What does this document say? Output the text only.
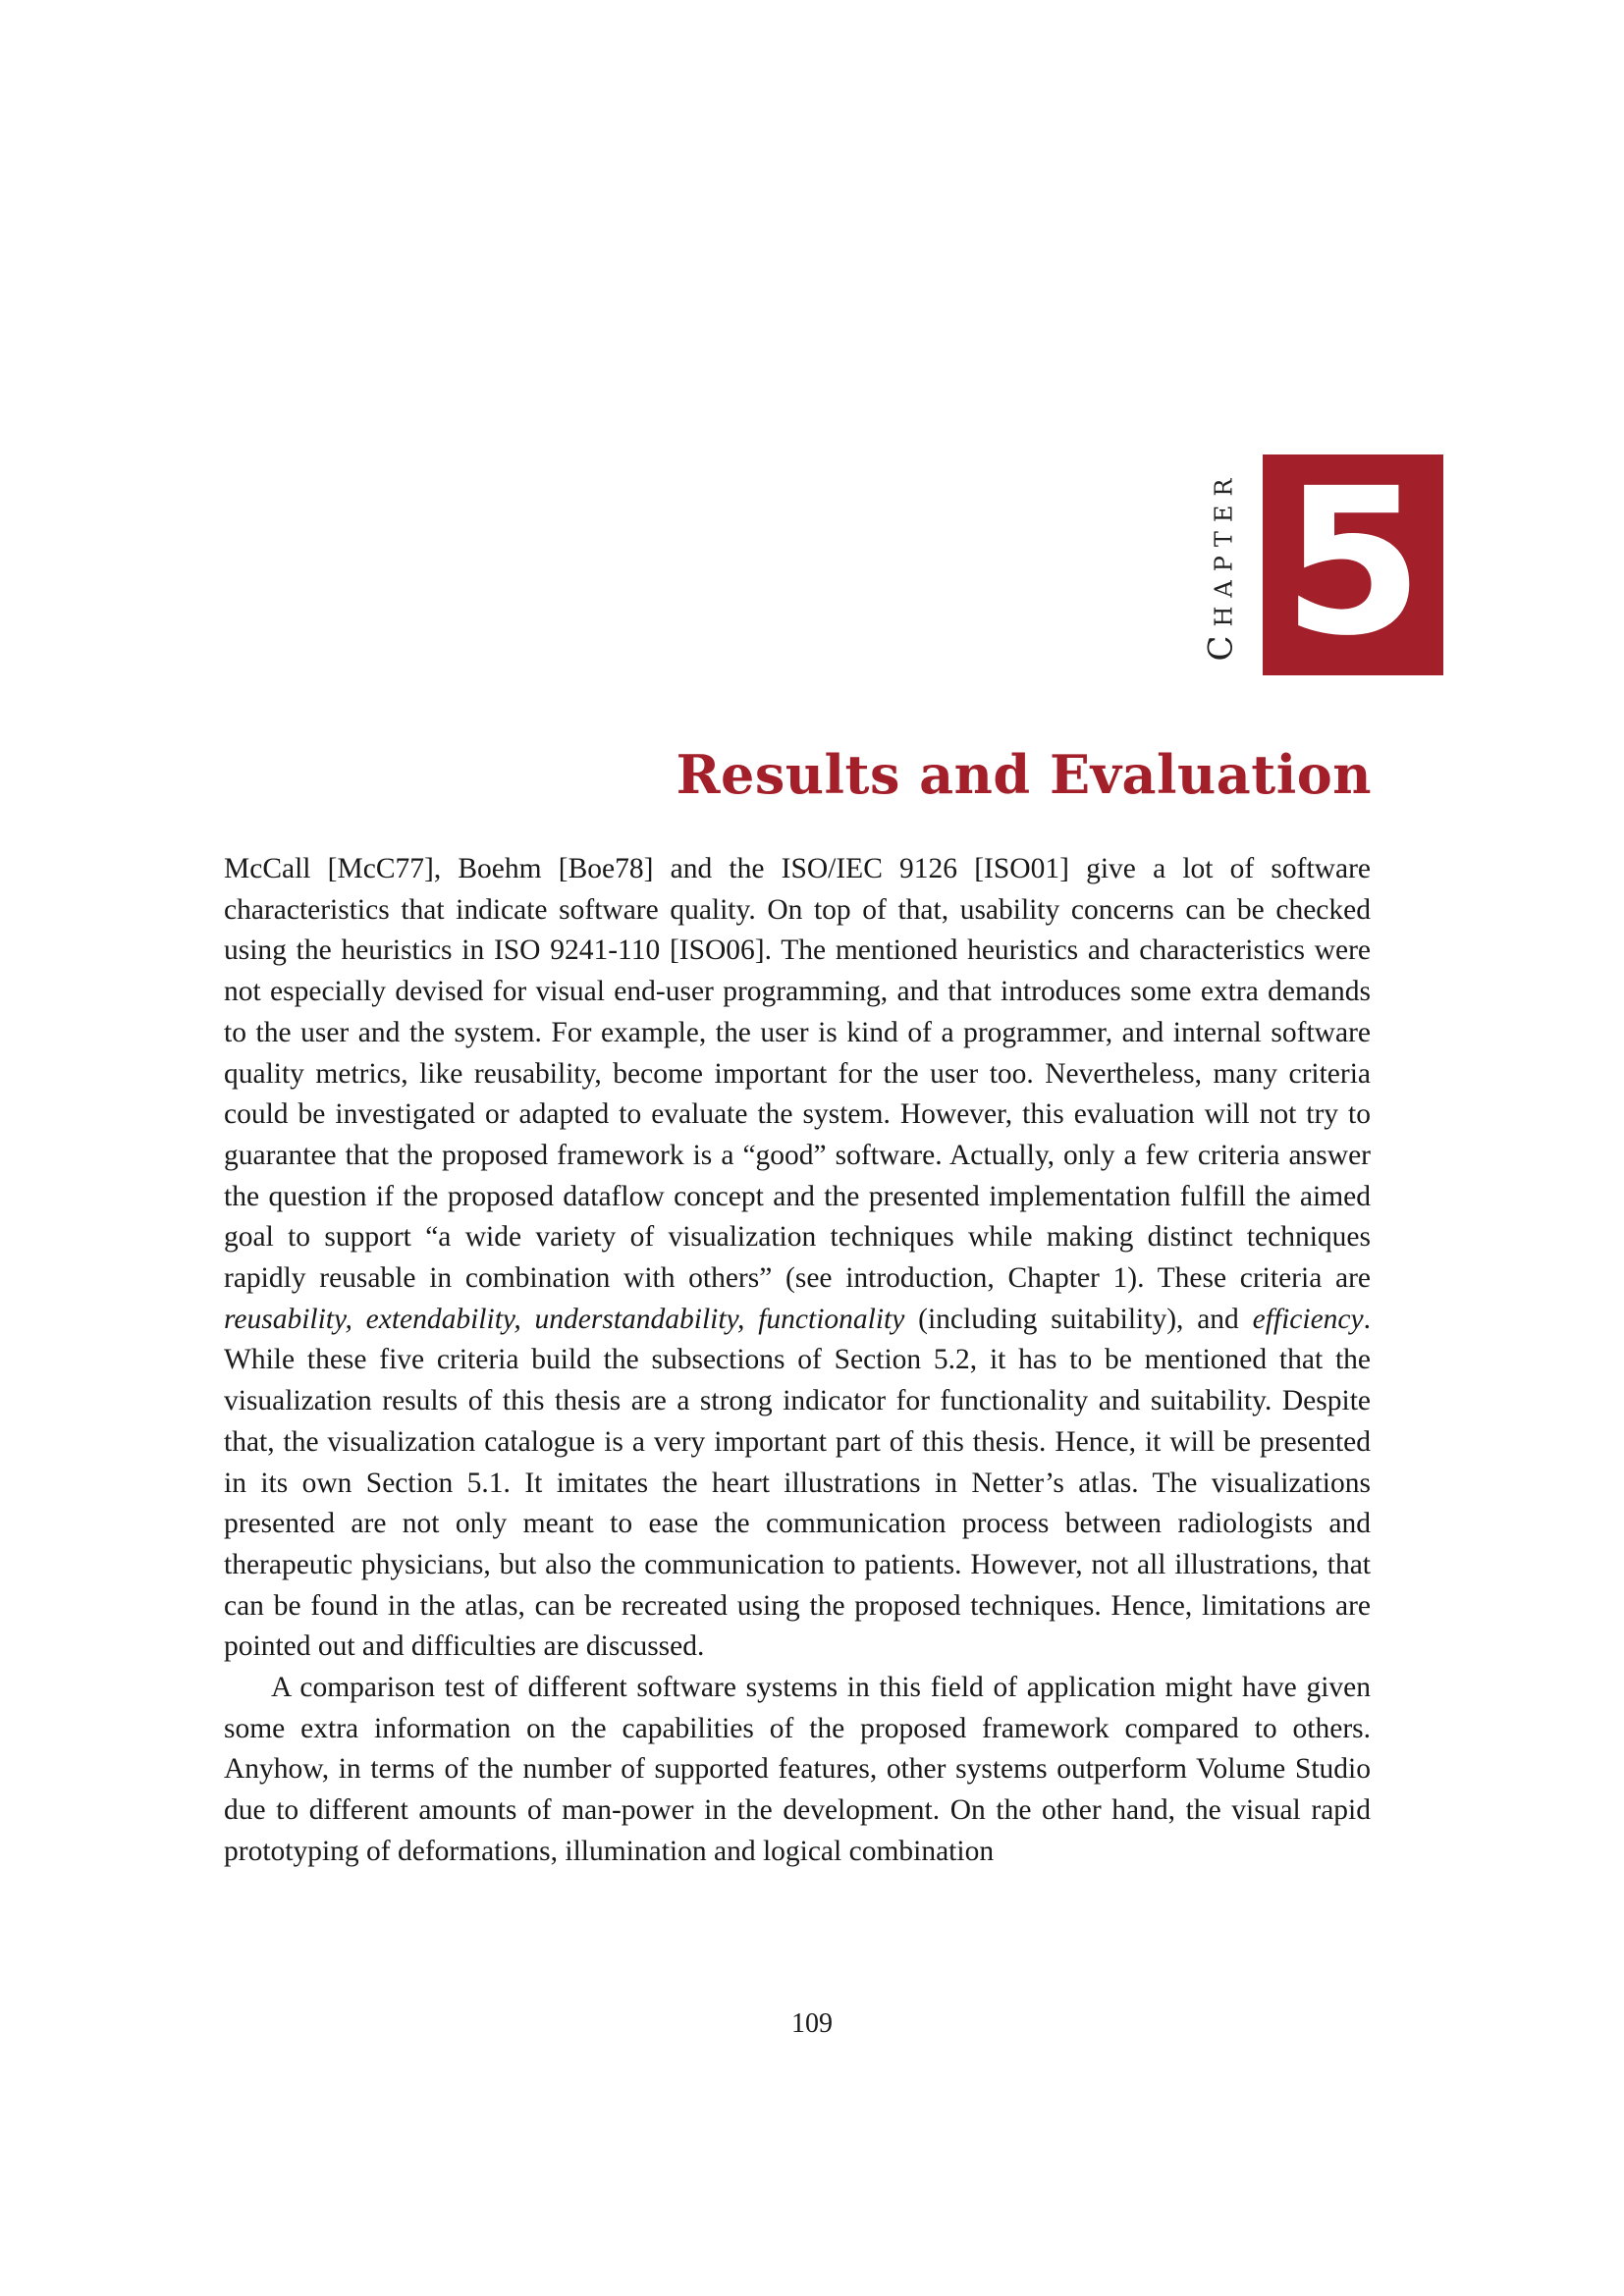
Chapter 5
Results and Evaluation

McCall [McC77], Boehm [Boe78] and the ISO/IEC 9126 [ISO01] give a lot of software characteristics that indicate software quality. On top of that, usability concerns can be checked using the heuristics in ISO 9241-110 [ISO06]. The mentioned heuristics and characteristics were not especially devised for visual end-user programming, and that introduces some extra demands to the user and the system. For example, the user is kind of a programmer, and internal software quality metrics, like reusability, become important for the user too. Nevertheless, many criteria could be investigated or adapted to evaluate the system. However, this evaluation will not try to guarantee that the proposed framework is a “good” software. Actually, only a few criteria answer the question if the proposed dataflow concept and the presented implementation fulfill the aimed goal to support “a wide variety of visualization techniques while making distinct techniques rapidly reusable in combination with others” (see introduction, Chapter 1). These criteria are reusability, extendability, understandability, functionality (including suitability), and efficiency. While these five criteria build the subsections of Section 5.2, it has to be mentioned that the visualization results of this thesis are a strong indicator for functionality and suitability. Despite that, the visualization catalogue is a very important part of this thesis. Hence, it will be presented in its own Section 5.1. It imitates the heart illustrations in Netter’s atlas. The visualizations presented are not only meant to ease the communication process between radiologists and therapeutic physicians, but also the communication to patients. However, not all illustrations, that can be found in the atlas, can be recreated using the proposed techniques. Hence, limitations are pointed out and difficulties are discussed.

A comparison test of different software systems in this field of application might have given some extra information on the capabilities of the proposed framework compared to others. Anyhow, in terms of the number of supported features, other systems outperform Volume Studio due to different amounts of man-power in the development. On the other hand, the visual rapid prototyping of deformations, illumination and logical combination

109
